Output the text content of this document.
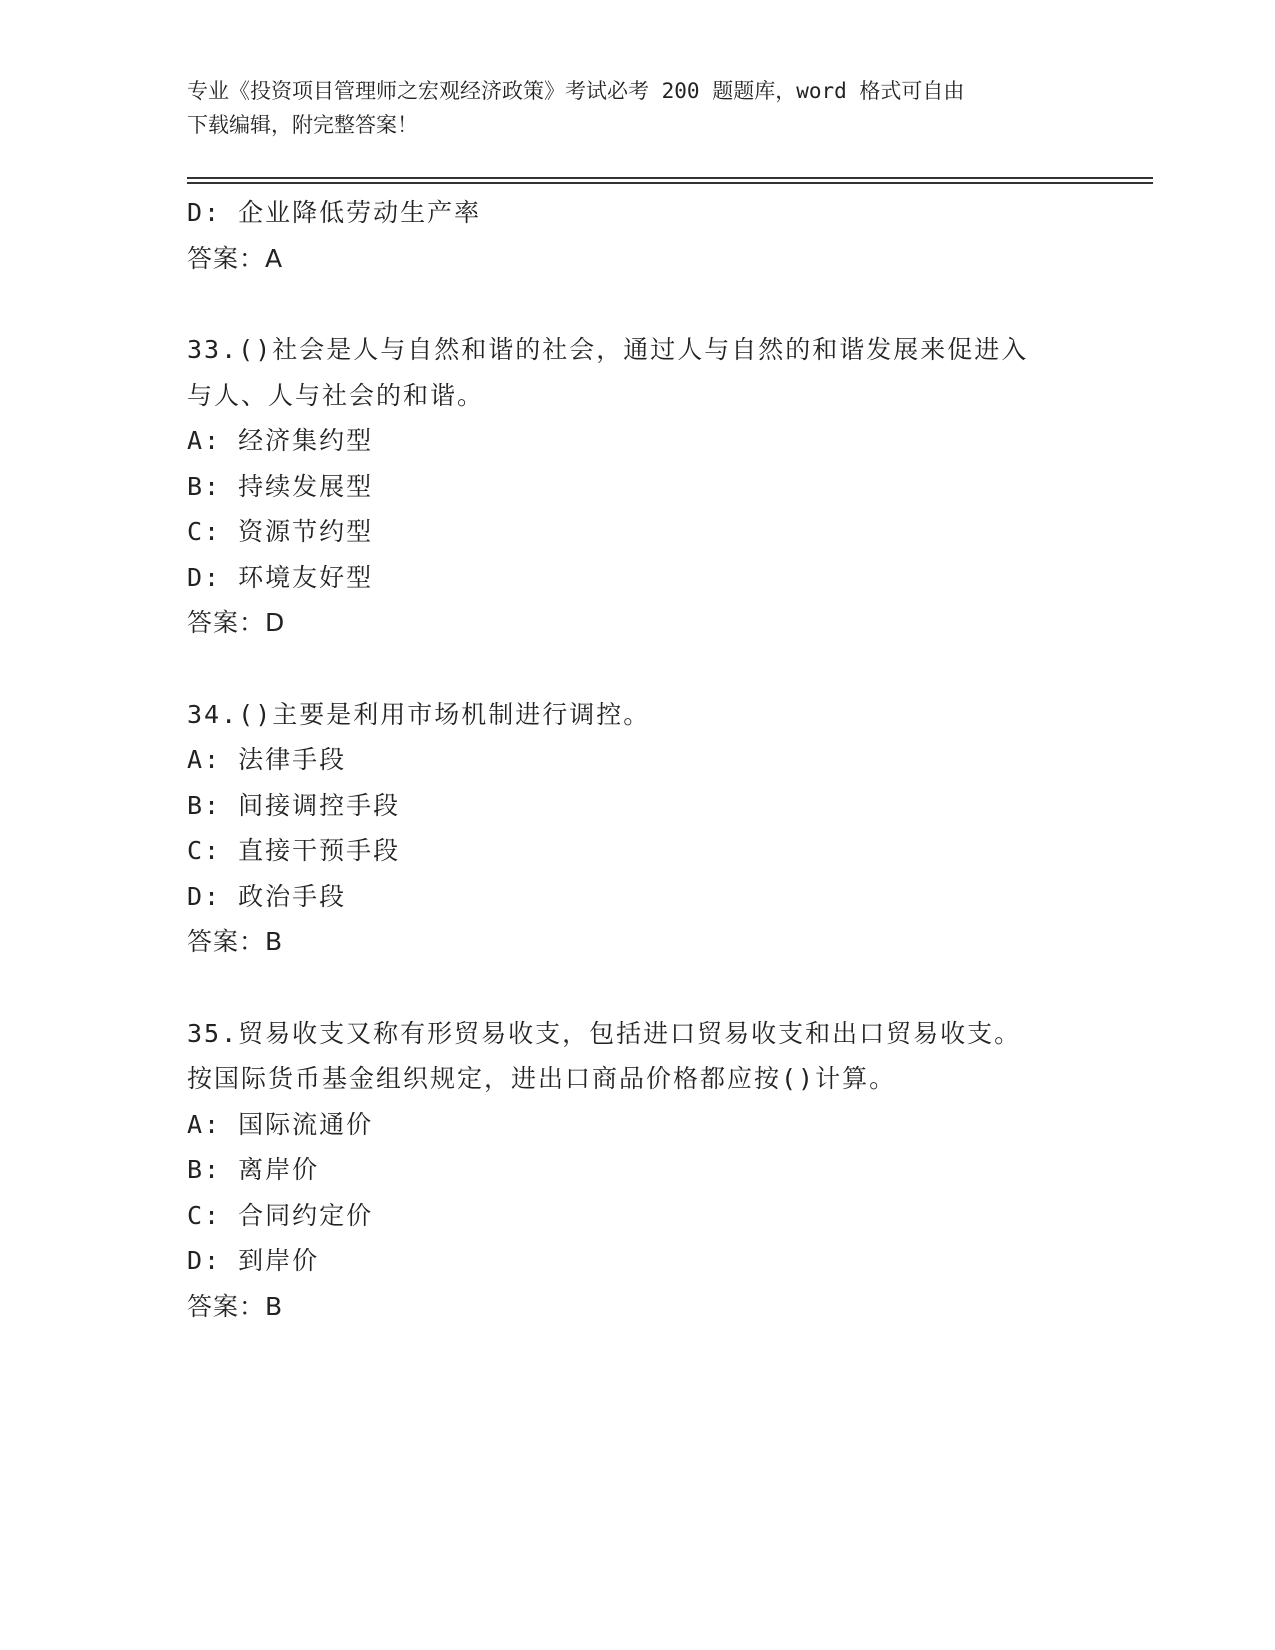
专业《投资项目管理师之宏观经济政策》考试必考 200 题题库，word 格式可自由
下载编辑，附完整答案！
D: 企业降低劳动生产率
答案：A
33.()社会是人与自然和谐的社会，通过人与自然的和谐发展来促进入
与人、人与社会的和谐。
A: 经济集约型
B: 持续发展型
C: 资源节约型
D: 环境友好型
答案：D
34.()主要是利用市场机制进行调控。
A: 法律手段
B: 间接调控手段
C: 直接干预手段
D: 政治手段
答案：B
35.贸易收支又称有形贸易收支，包括进口贸易收支和出口贸易收支。
按国际货币基金组织规定，进出口商品价格都应按()计算。
A: 国际流通价
B: 离岸价
C: 合同约定价
D: 到岸价
答案：B
